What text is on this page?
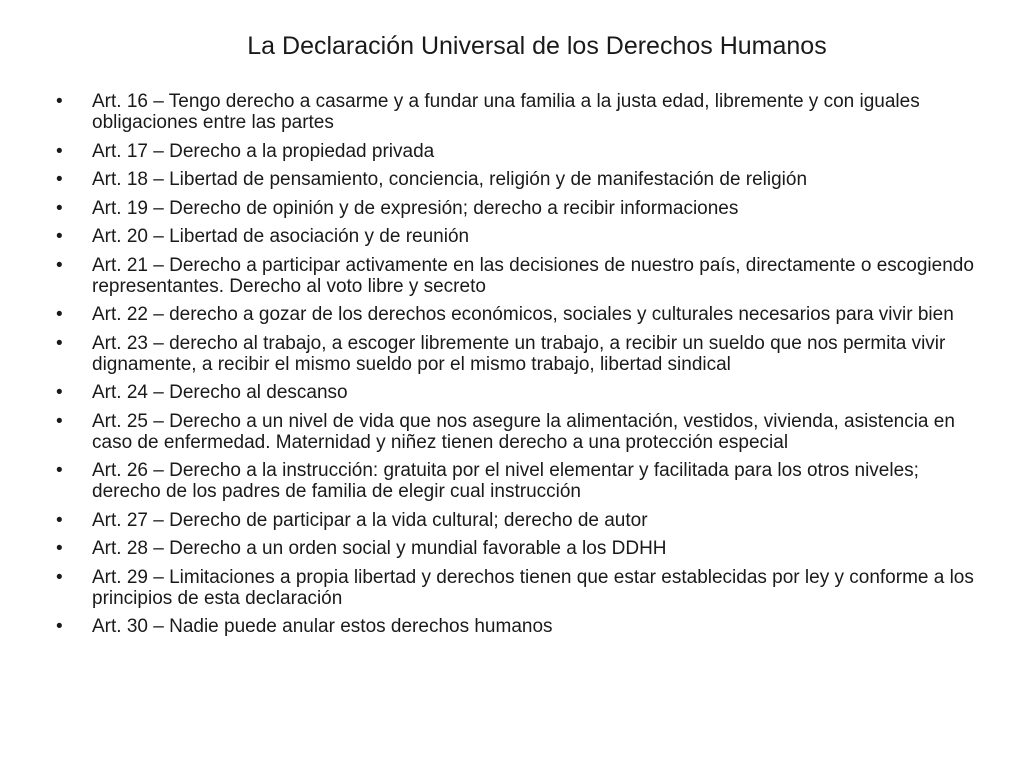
La Declaración Universal de los Derechos Humanos
•	Art. 16 – Tengo derecho a casarme y a fundar una familia a la justa edad, libremente y con iguales obligaciones entre las partes
•	Art. 17 – Derecho a la propiedad privada
•	Art. 18 – Libertad de pensamiento, conciencia, religión y de manifestación de religión
•	Art. 19 – Derecho de opinión y de expresión; derecho a recibir informaciones
•	Art. 20 – Libertad de asociación y de reunión
•	Art. 21 – Derecho a participar activamente en las decisiones de nuestro país, directamente o escogiendo representantes. Derecho al voto libre y secreto
•	Art. 22 – derecho a gozar de los derechos económicos, sociales y culturales necesarios para vivir bien
•	Art. 23 – derecho al trabajo, a escoger libremente un trabajo, a recibir un sueldo que nos permita vivir dignamente, a recibir el mismo sueldo por el mismo trabajo, libertad sindical
•	Art. 24 – Derecho al descanso
•	Art. 25 – Derecho a un nivel de vida que nos asegure la alimentación, vestidos, vivienda, asistencia en caso de enfermedad. Maternidad y niñez tienen derecho a una protección especial
•	Art. 26 – Derecho a la instrucción: gratuita por el nivel elementar y facilitada para los otros niveles; derecho de los padres de familia de elegir cual instrucción
•	Art. 27 – Derecho de participar a la vida cultural; derecho de autor
•	Art. 28 – Derecho a un orden social y mundial favorable a los DDHH
•	Art. 29 – Limitaciones a propia libertad y derechos tienen que estar establecidas por ley y conforme a los principios de esta declaración
•	Art. 30 – Nadie puede anular estos derechos humanos
